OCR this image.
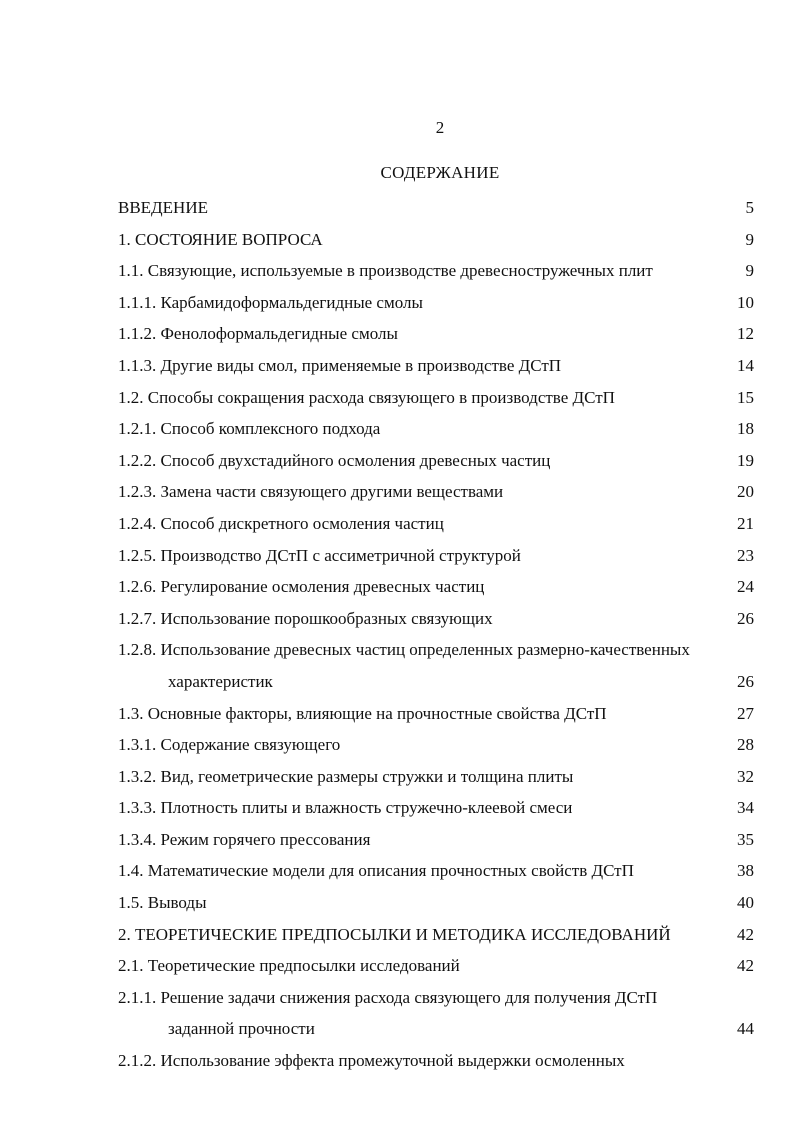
2
СОДЕРЖАНИЕ
ВВЕДЕНИЕ	5
1. СОСТОЯНИЕ ВОПРОСА	9
1.1. Связующие, используемые в производстве древесностружечных плит	9
1.1.1. Карбамидоформальдегидные смолы	10
1.1.2. Фенолоформальдегидные смолы	12
1.1.3. Другие виды смол, применяемые в производстве ДСтП	14
1.2. Способы сокращения расхода связующего в производстве ДСтП	15
1.2.1. Способ комплексного подхода	18
1.2.2. Способ двухстадийного осмоления древесных частиц	19
1.2.3. Замена части связующего другими веществами	20
1.2.4. Способ дискретного осмоления частиц	21
1.2.5. Производство ДСтП с ассиметричной структурой	23
1.2.6. Регулирование осмоления древесных частиц	24
1.2.7. Использование порошкообразных связующих	26
1.2.8. Использование древесных частиц определенных размерно-качественных
характеристик	26
1.3. Основные факторы, влияющие на прочностные свойства ДСтП	27
1.3.1. Содержание связующего	28
1.3.2. Вид, геометрические размеры стружки и толщина плиты	32
1.3.3. Плотность плиты и влажность стружечно-клеевой смеси	34
1.3.4. Режим горячего прессования	35
1.4. Математические модели для описания прочностных свойств ДСтП	38
1.5. Выводы	40
2. ТЕОРЕТИЧЕСКИЕ ПРЕДПОСЫЛКИ И МЕТОДИКА ИССЛЕДОВАНИЙ	42
2.1. Теоретические предпосылки исследований	42
2.1.1. Решение задачи снижения расхода связующего для получения ДСтП
заданной прочности	44
2.1.2. Использование эффекта промежуточной выдержки осмоленных
